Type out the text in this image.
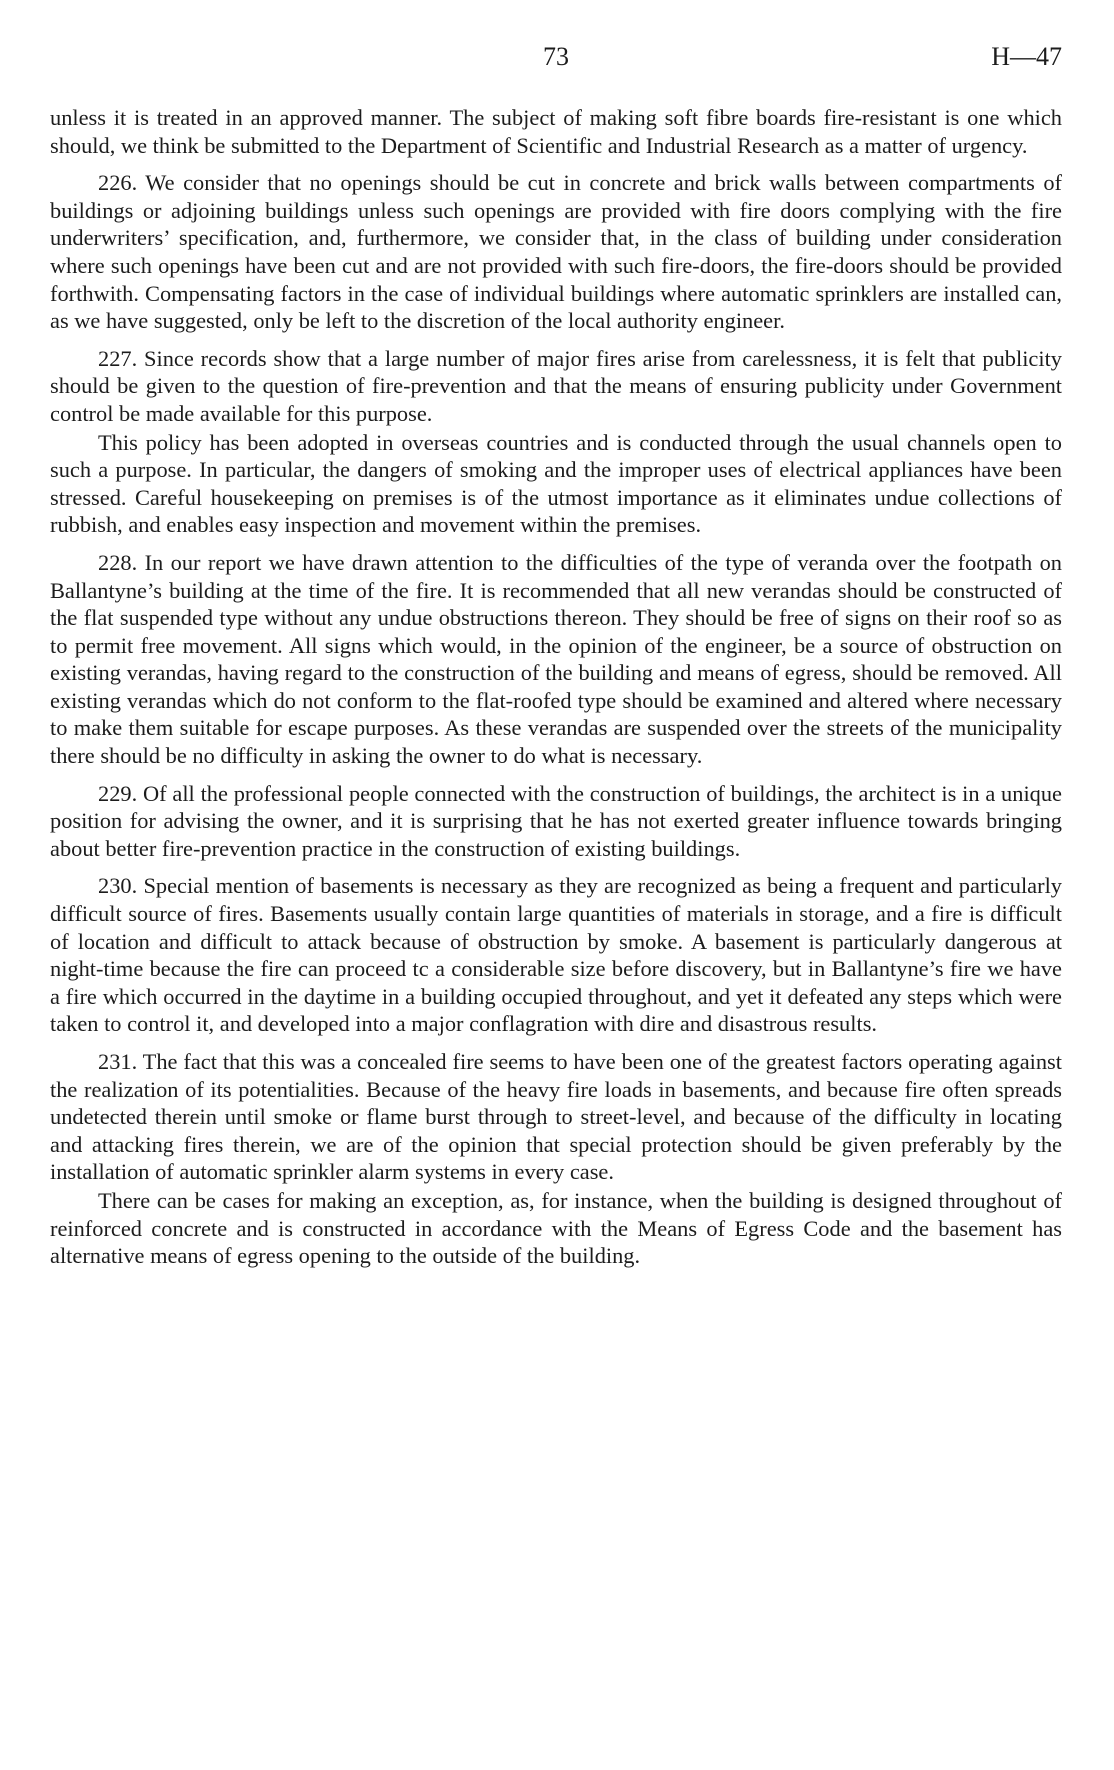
73	H—47

unless it is treated in an approved manner. The subject of making soft fibre boards fire-resistant is one which should, we think be submitted to the Department of Scientific and Industrial Research as a matter of urgency.

226. We consider that no openings should be cut in concrete and brick walls between compartments of buildings or adjoining buildings unless such openings are provided with fire doors complying with the fire underwriters’ specification, and, furthermore, we consider that, in the class of building under consideration where such openings have been cut and are not provided with such fire-doors, the fire-doors should be provided forthwith. Compensating factors in the case of individual buildings where automatic sprinklers are installed can, as we have suggested, only be left to the discretion of the local authority engineer.

227. Since records show that a large number of major fires arise from carelessness, it is felt that publicity should be given to the question of fire-prevention and that the means of ensuring publicity under Government control be made available for this purpose.

This policy has been adopted in overseas countries and is conducted through the usual channels open to such a purpose. In particular, the dangers of smoking and the improper uses of electrical appliances have been stressed. Careful housekeeping on premises is of the utmost importance as it eliminates undue collections of rubbish, and enables easy inspection and movement within the premises.

228. In our report we have drawn attention to the difficulties of the type of veranda over the footpath on Ballantyne’s building at the time of the fire. It is recommended that all new verandas should be constructed of the flat suspended type without any undue obstructions thereon. They should be free of signs on their roof so as to permit free movement. All signs which would, in the opinion of the engineer, be a source of obstruction on existing verandas, having regard to the construction of the building and means of egress, should be removed. All existing verandas which do not conform to the flat-roofed type should be examined and altered where necessary to make them suitable for escape purposes. As these verandas are suspended over the streets of the municipality there should be no difficulty in asking the owner to do what is necessary.

229. Of all the professional people connected with the construction of buildings, the architect is in a unique position for advising the owner, and it is surprising that he has not exerted greater influence towards bringing about better fire-prevention practice in the construction of existing buildings.

230. Special mention of basements is necessary as they are recognized as being a frequent and particularly difficult source of fires. Basements usually contain large quantities of materials in storage, and a fire is difficult of location and difficult to attack because of obstruction by smoke. A basement is particularly dangerous at night-time because the fire can proceed tc a considerable size before discovery, but in Ballantyne’s fire we have a fire which occurred in the daytime in a building occupied throughout, and yet it defeated any steps which were taken to control it, and developed into a major conflagration with dire and disastrous results.

231. The fact that this was a concealed fire seems to have been one of the greatest factors operating against the realization of its potentialities. Because of the heavy fire loads in basements, and because fire often spreads undetected therein until smoke or flame burst through to street-level, and because of the difficulty in locating and attacking fires therein, we are of the opinion that special protection should be given preferably by the installation of automatic sprinkler alarm systems in every case.

There can be cases for making an exception, as, for instance, when the building is designed throughout of reinforced concrete and is constructed in accordance with the Means of Egress Code and the basement has alternative means of egress opening to the outside of the building.
